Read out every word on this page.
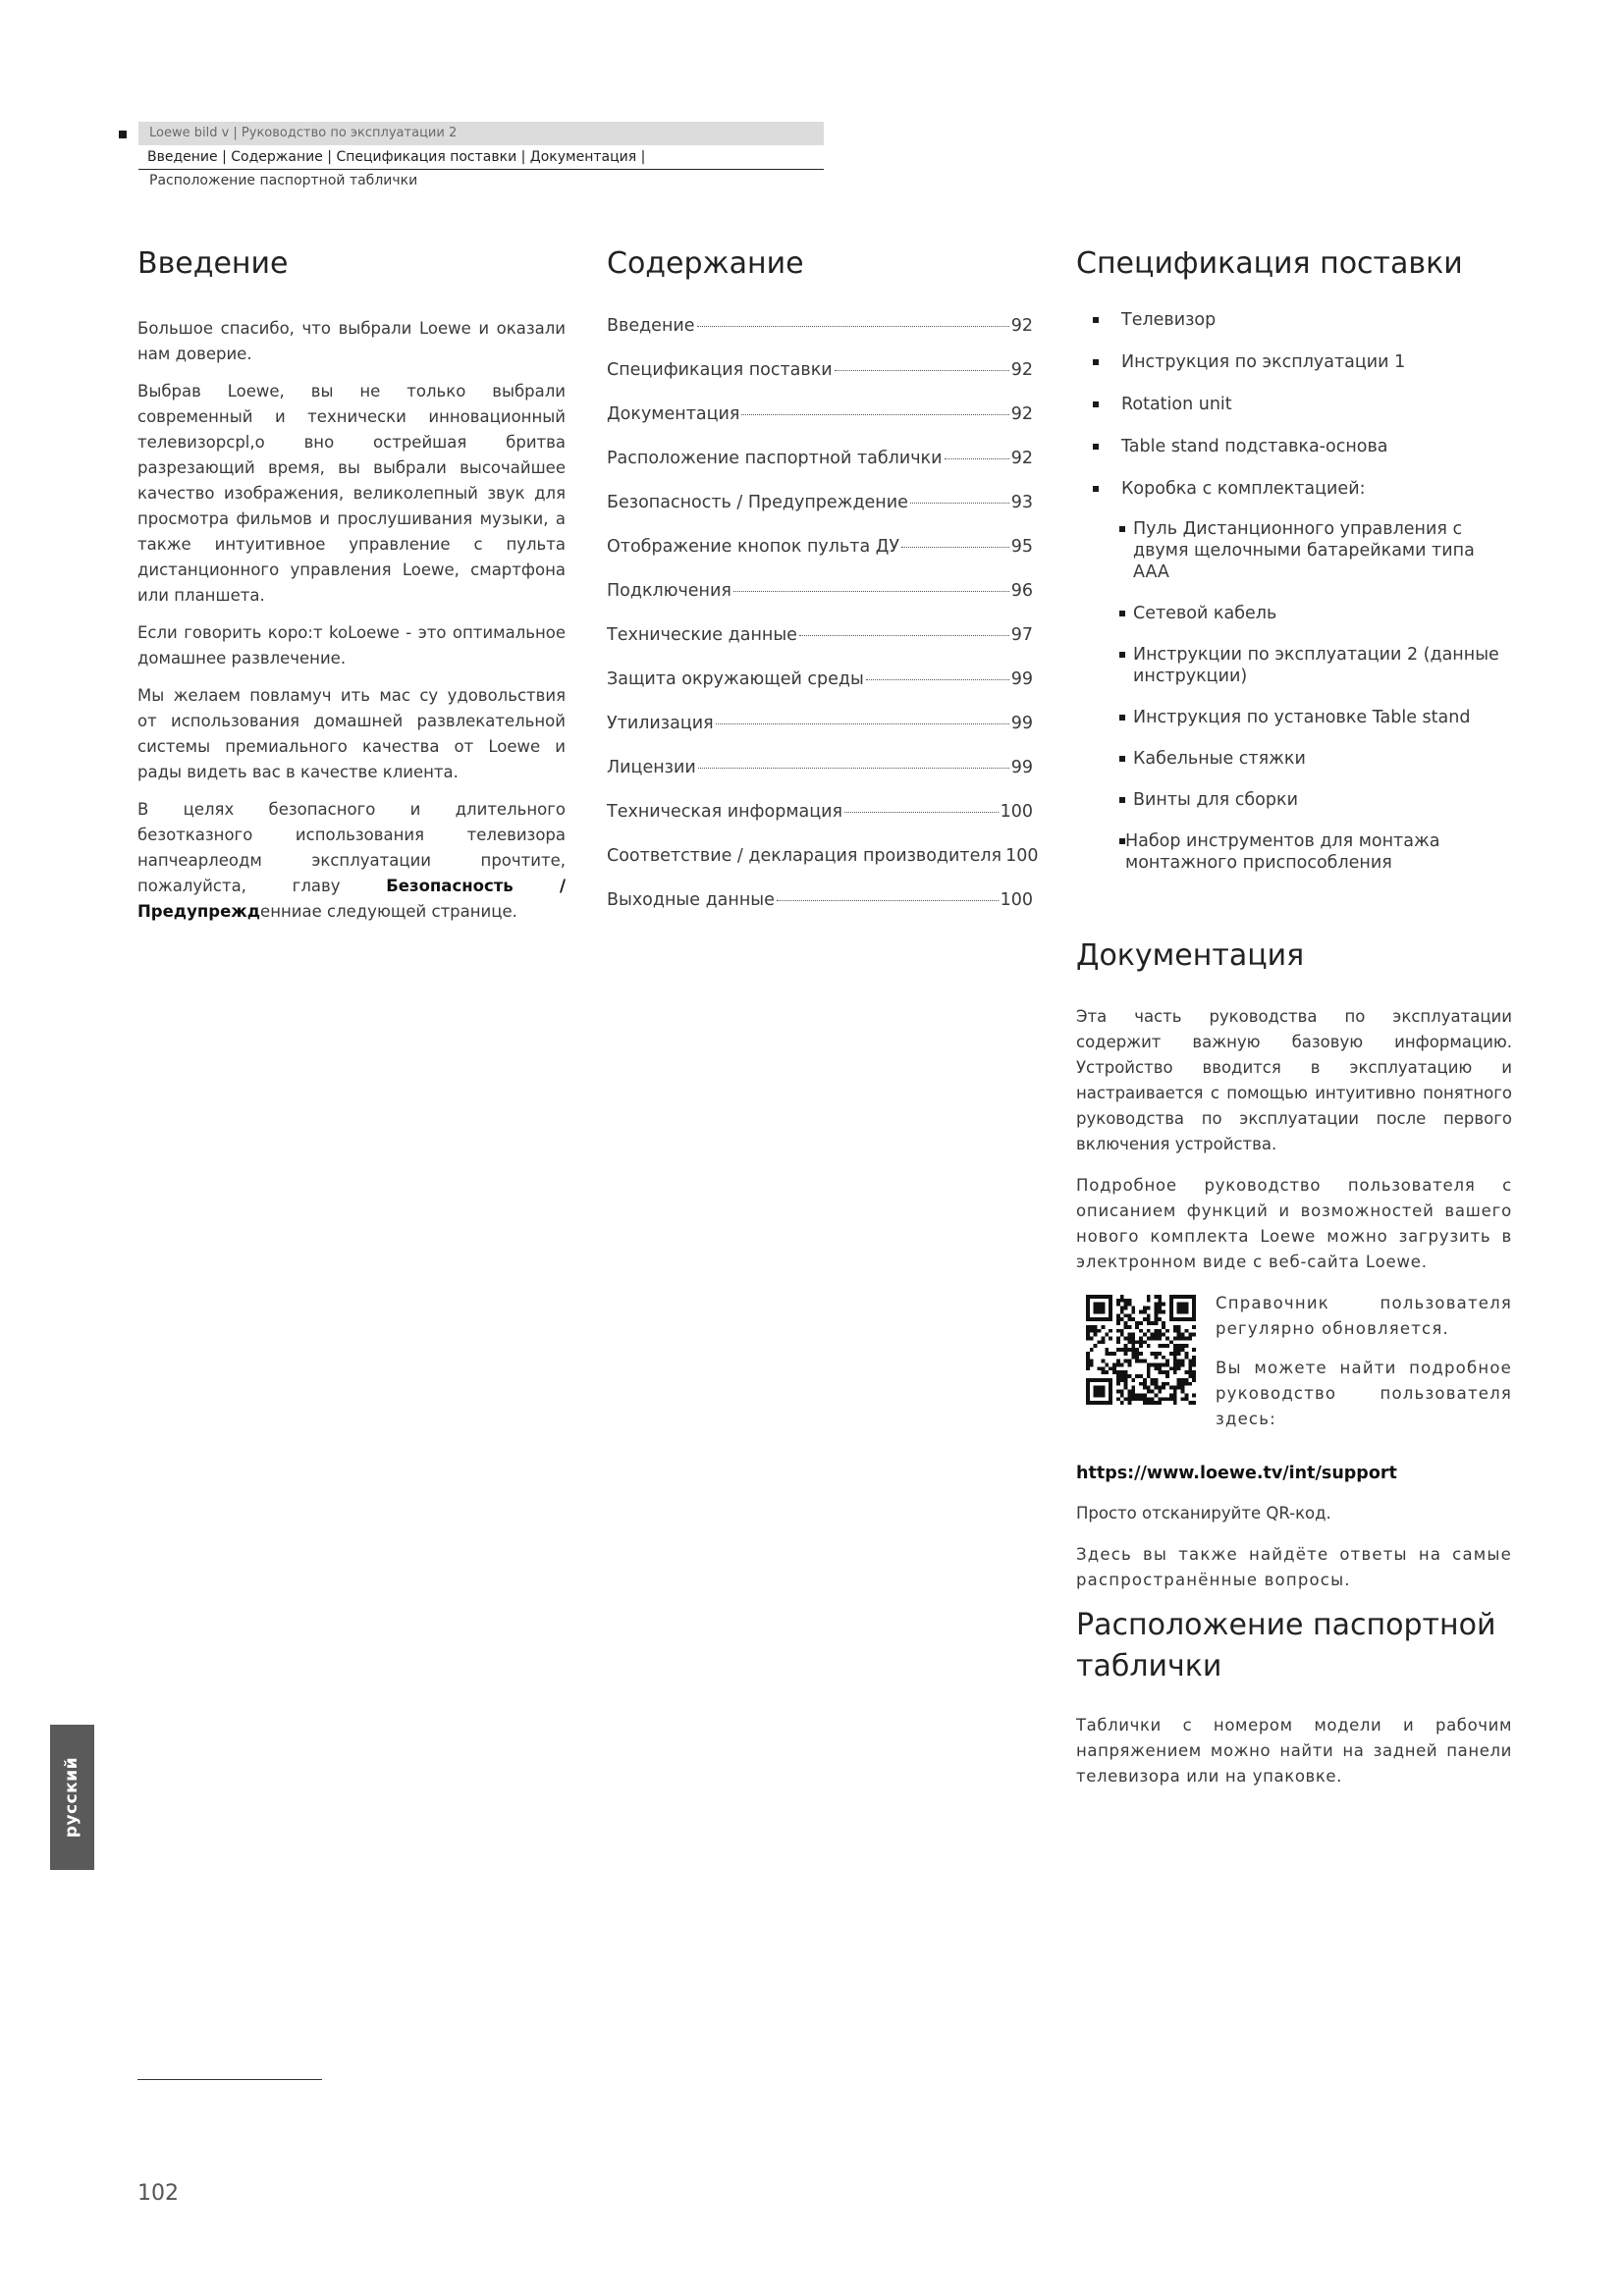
Loewe bild v | Руководство по эксплуатации 2
Введение | Содержание | Спецификация поставки | Документация |
Расположение паспортной таблички
Введение

Большое спасибо, что выбрали Loewe и оказали нам доверие.

Выбрав Loewe, вы не только выбрали современный и технически инновационный телевизорсрl,о вно острейшая бритва разрезающий время, вы выбрали высочайшее качество изображения, великолепный звук для просмотра фильмов и прослушивания музыки, а также интуитивное управление с пульта дистанционного управления Loewe, смартфона или планшета.

Если говорить коро:т koLoewe - это оптимальное домашнее развлечение.

Мы желаем повламуч ить мас су удовольствия от использования домашней развлекательной системы премиального качества от Loewe и рады видеть вас в качестве клиента.

В целях безопасного и длительного безотказного использования телевизора напчеарлеодм эксплуатации прочтите, пожалуйста, главу Безопасность / Предупрежденниае следующей странице.

Содержание
Введение	92
Спецификация поставки	92
Документация	92
Расположение паспортной таблички	92
Безопасность / Предупреждение	93
Отображение кнопок пульта ДУ	95
Подключения	96
Технические данные	97
Защита окружающей среды	99
Утилизация	99
Лицензии	99
Техническая информация	100
Соответствие / декларация производителя 100
Выходные данные	100
Спецификация поставки
Телевизор
Инструкция по эксплуатации 1
Rotation unit
Table stand подставка-основа
Коробка с комплектацией:
Пуль Дистанционного управления с двумя щелочными батарейками типа AAA
Сетевой кабель
Инструкции по эксплуатации 2 (данные инструкции)
Инструкция по установке Table stand
Кабельные стяжки
Винты для сборки
Набор инструментов для монтажа монтажного приспособления
Документация

Эта часть руководства по эксплуатации содержит важную базовую информацию. Устройство вводится в эксплуатацию и настраивается с помощью интуитивно понятного руководства по эксплуатации после первого включения устройства.

Подробное руководство пользователя с описанием функций и возможностей вашего нового комплекта Loewe можно загрузить в электронном виде с веб-сайта Loewe.

Справочник пользователя регулярно обновляется.

Вы можете найти подробное руководство пользователя здесь:

https://www.loewe.tv/int/support

Просто отсканируйте QR-код.

Здесь вы также найдёте ответы на самые распространённые вопросы.

Расположение паспортной
таблички

Таблички с номером модели и рабочим напряжением можно найти на задней панели телевизора или на упаковке.

русский
102
